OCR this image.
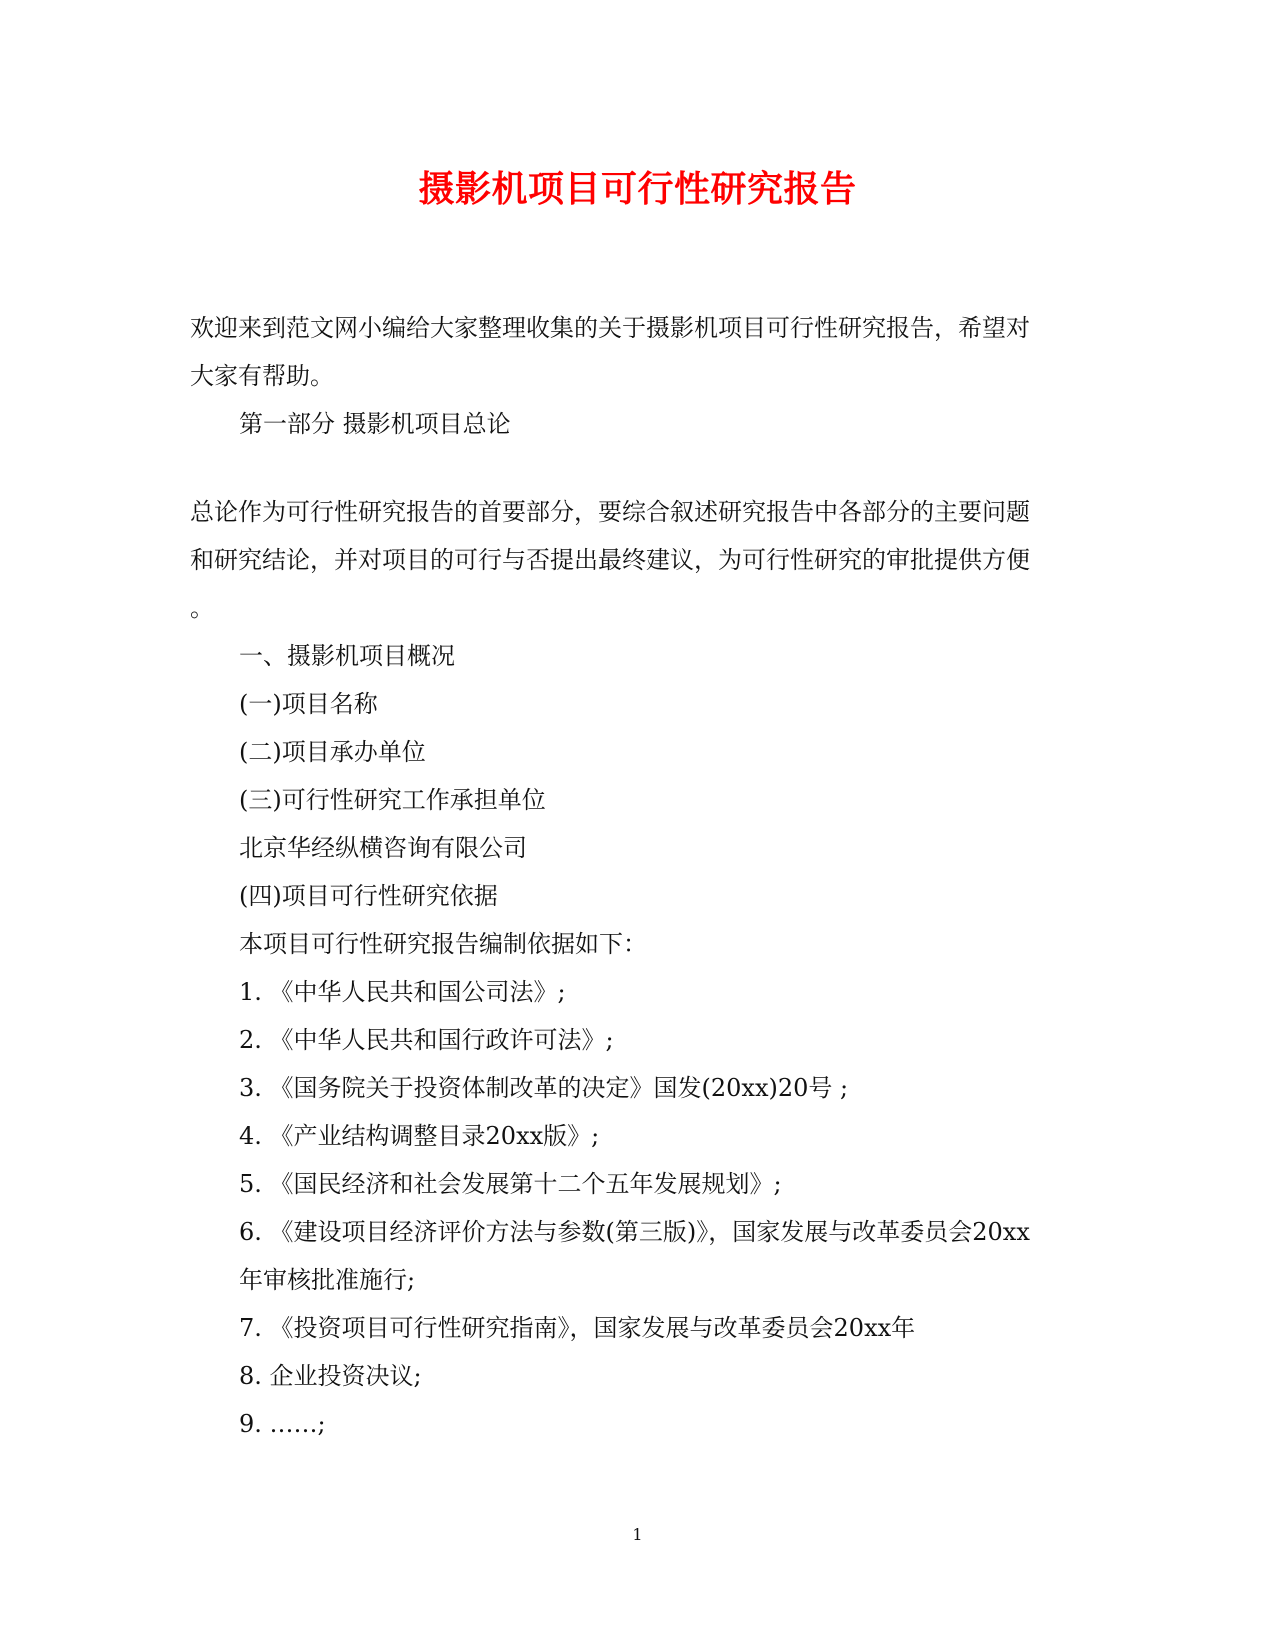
摄影机项目可行性研究报告

欢迎来到范文网小编给大家整理收集的关于摄影机项目可行性研究报告，希望对

大家有帮助。

第一部分 摄影机项目总论

总论作为可行性研究报告的首要部分，要综合叙述研究报告中各部分的主要问题

和研究结论，并对项目的可行与否提出最终建议，为可行性研究的审批提供方便

。

一、摄影机项目概况

(一)项目名称

(二)项目承办单位

(三)可行性研究工作承担单位

北京华经纵横咨询有限公司

(四)项目可行性研究依据

本项目可行性研究报告编制依据如下：

1. 《中华人民共和国公司法》;

2. 《中华人民共和国行政许可法》;

3. 《国务院关于投资体制改革的决定》国发(20xx)20号 ;

4. 《产业结构调整目录20xx版》;

5. 《国民经济和社会发展第十二个五年发展规划》;

6. 《建设项目经济评价方法与参数(第三版)》，国家发展与改革委员会20xx

年审核批准施行;

7. 《投资项目可行性研究指南》，国家发展与改革委员会20xx年

8. 企业投资决议;

9. ……;

1
